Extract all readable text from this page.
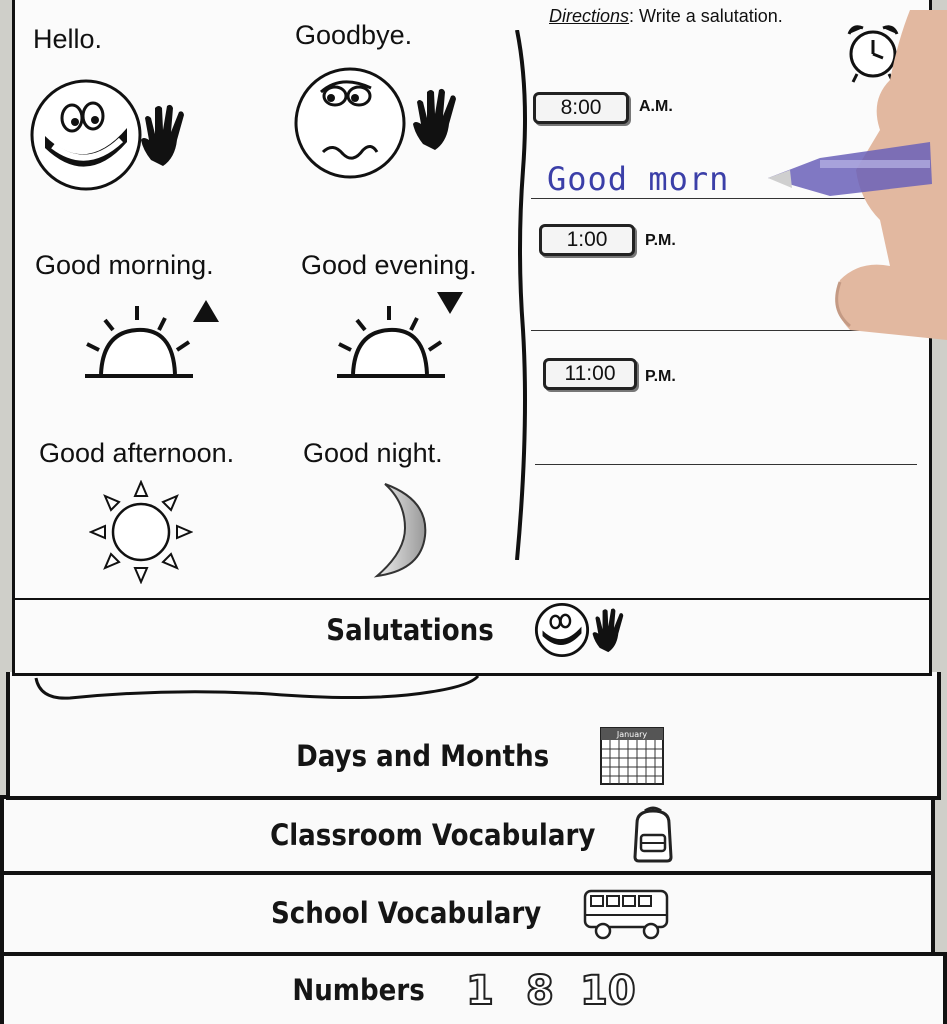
Numbers 1 8 10
School Vocabulary
Classroom Vocabulary
Days and Months
January
Hello.	Goodbye.
Good morning.	Good evening.
Good afternoon.	Good night.
Directions: Write a salutation.
8:00 A.M.
Good morn
1:00 P.M.
11:00 P.M.
Salutations
